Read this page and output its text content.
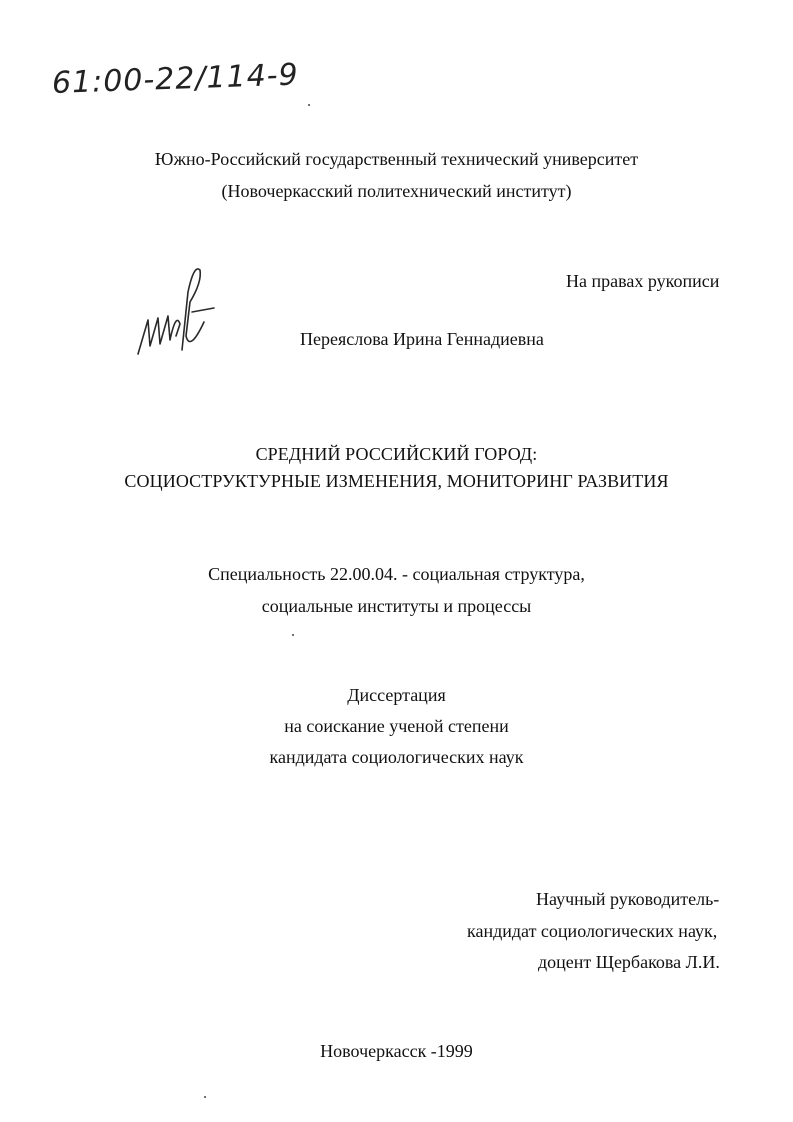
61:00-22/114-9
Южно-Российский государственный технический университет
(Новочеркасский политехнический институт)
На правах рукописи
Переяслова Ирина Геннадиевна
СРЕДНИЙ РОССИЙСКИЙ ГОРОД:
СОЦИОСТРУКТУРНЫЕ ИЗМЕНЕНИЯ, МОНИТОРИНГ РАЗВИТИЯ
Специальность 22.00.04. - социальная структура,
социальные институты и процессы
Диссертация
на соискание ученой степени
кандидата социологических наук
Научный руководитель-
кандидат социологических наук,
доцент Щербакова Л.И.
Новочеркасск -1999
